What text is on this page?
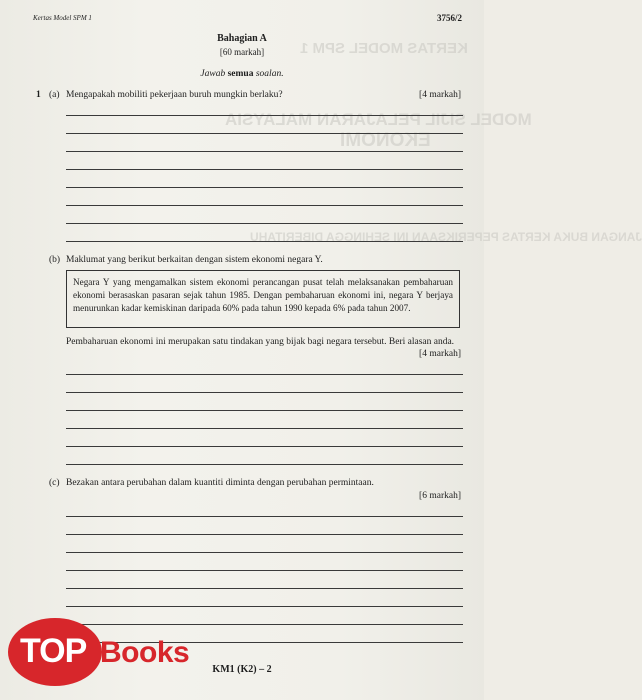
KERTAS MODEL SPM 1
MODEL SIJIL PELAJARAN MALAYSIA
EKONOMI
JANGAN BUKA KERTAS PEPERIKSAAN INI SEHINGGA DIBERITAHU
Kertas Model SPM 1	3756/2
Bahagian A
[60 markah]
Jawab semua soalan.
1 (a) Mengapakah mobiliti pekerjaan buruh mungkin berlaku?	[4 markah]
(b) Maklumat yang berikut berkaitan dengan sistem ekonomi negara Y.
Negara Y yang mengamalkan sistem ekonomi perancangan pusat telah melaksanakan pembaharuan ekonomi berasaskan pasaran sejak tahun 1985. Dengan pembaharuan ekonomi ini, negara Y berjaya menurunkan kadar kemiskinan daripada 60% pada tahun 1990 kepada 6% pada tahun 2007.
Pembaharuan ekonomi ini merupakan satu tindakan yang bijak bagi negara tersebut. Beri alasan anda.
[4 markah]
(c) Bezakan antara perubahan dalam kuantiti diminta dengan perubahan permintaan.
[6 markah]
KM1 (K2) – 2
TOP Books
